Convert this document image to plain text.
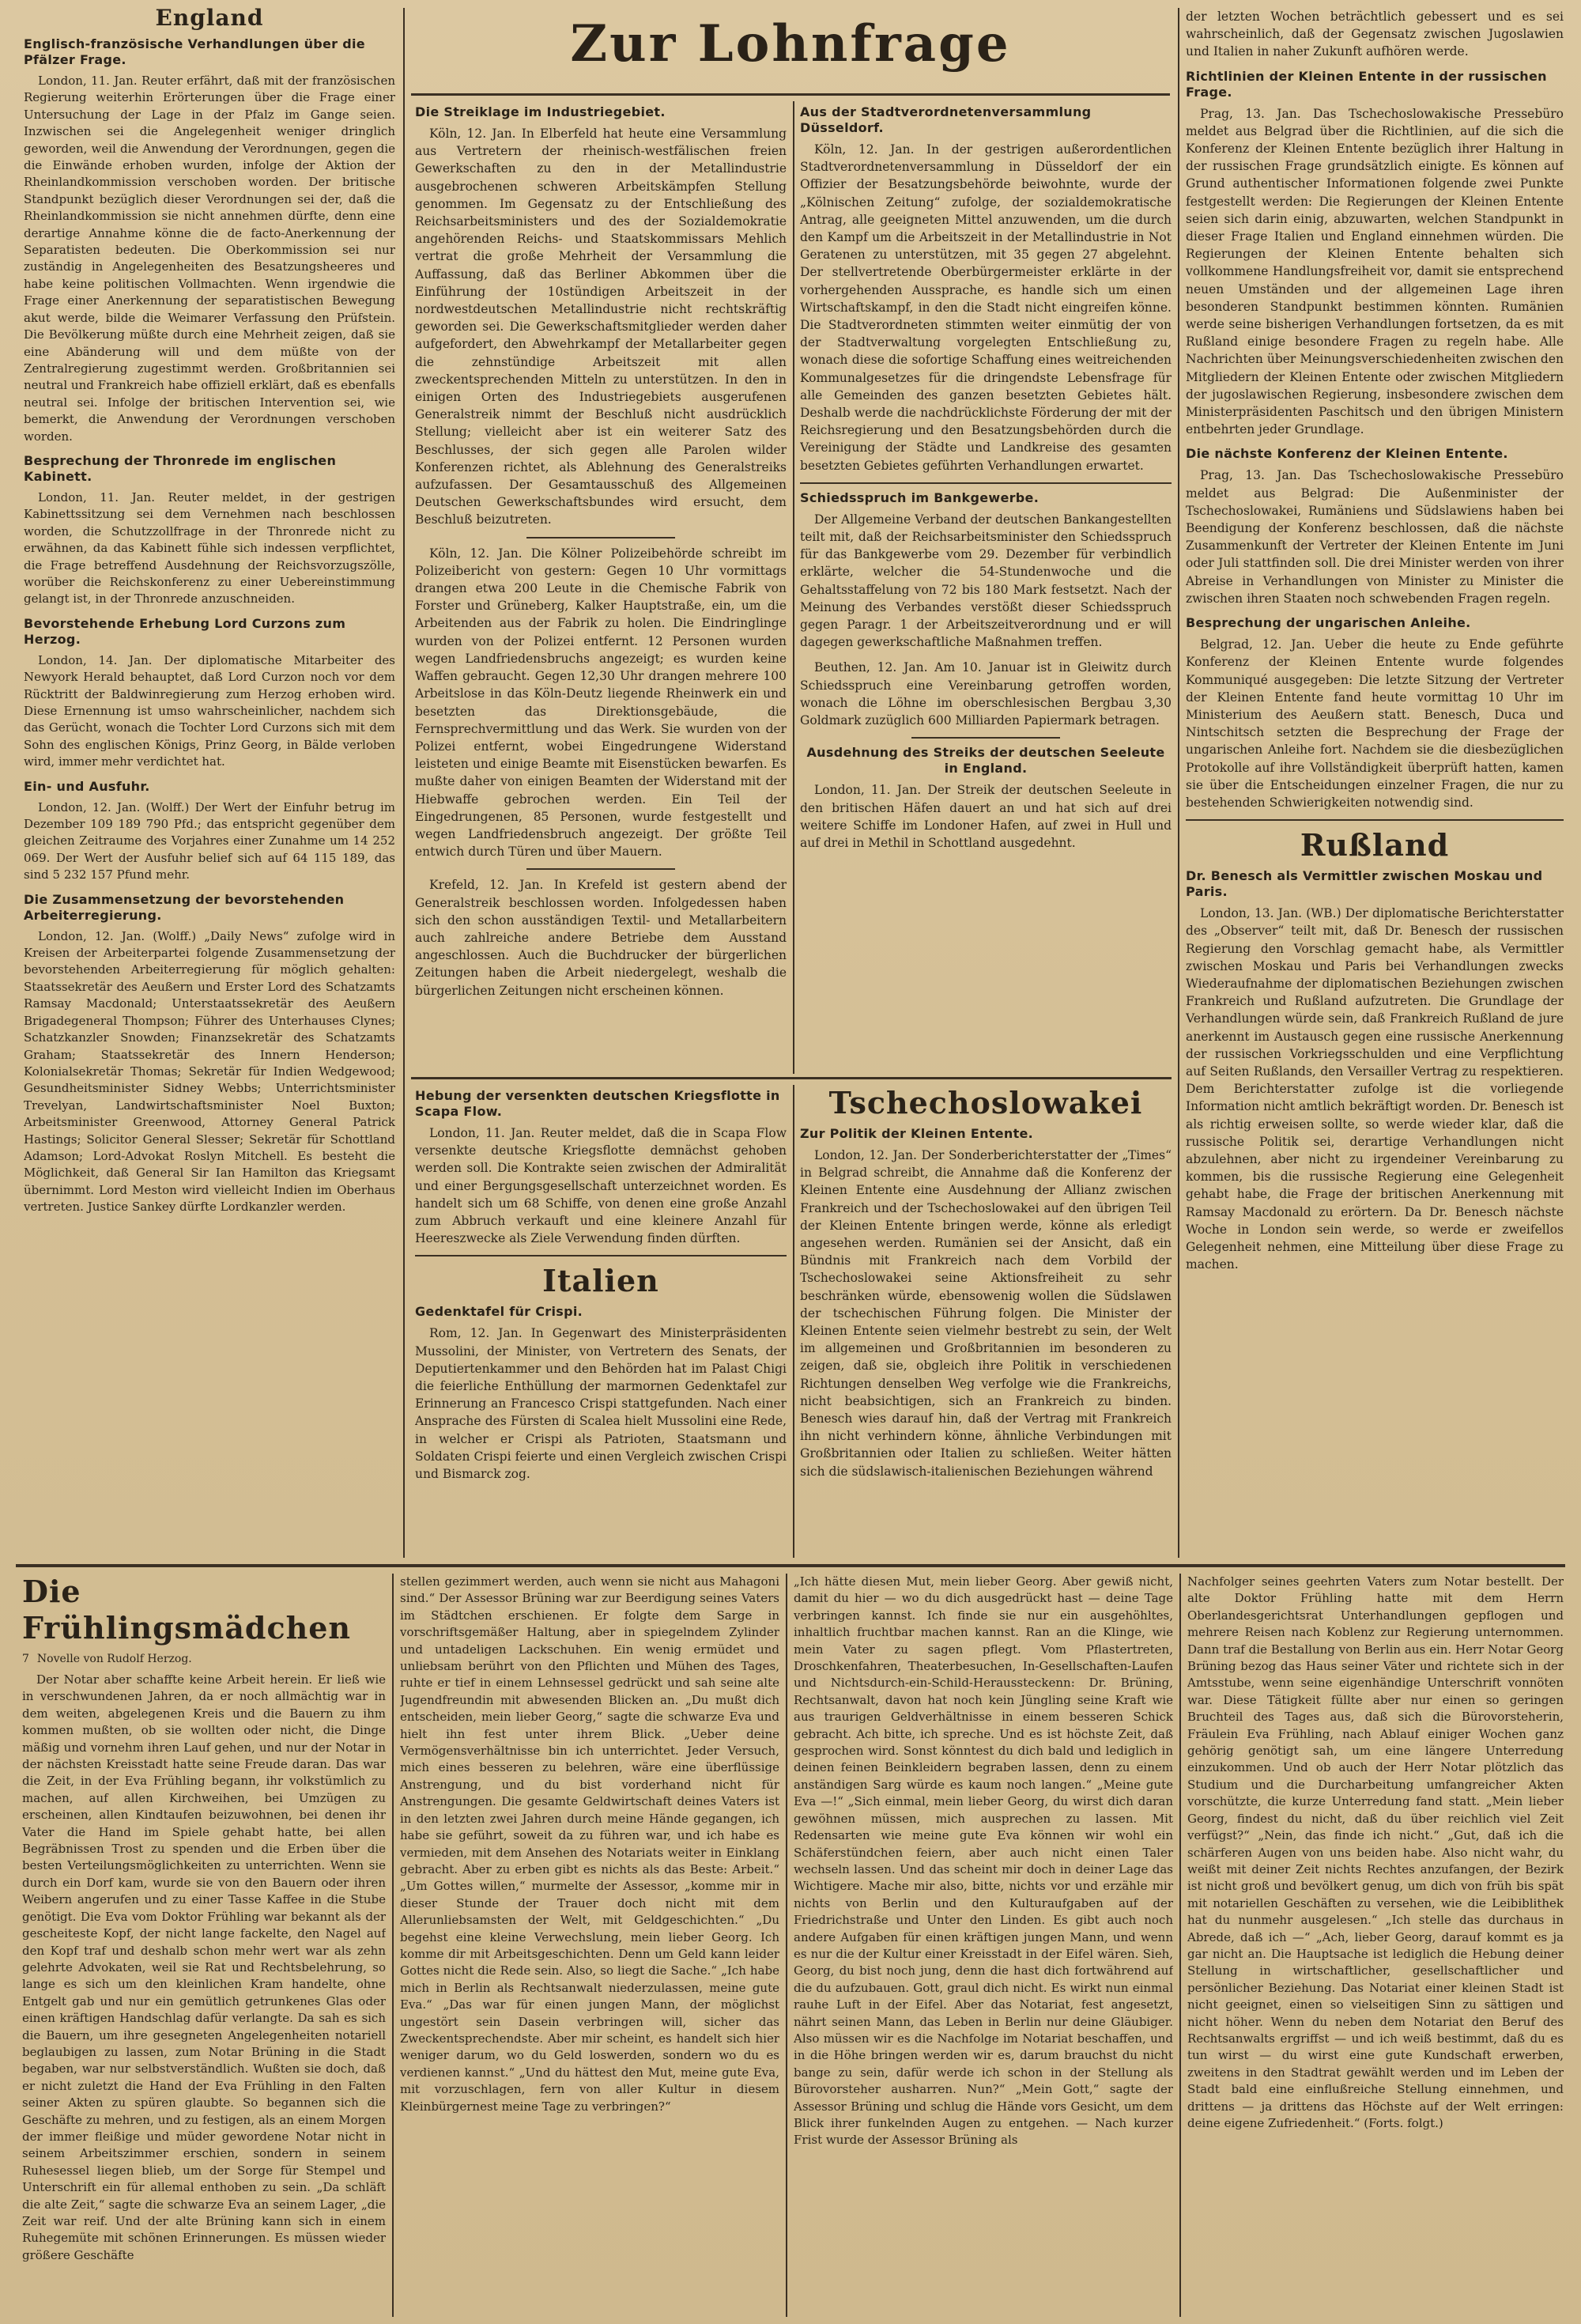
England
Englisch-französische Verhandlungen über die Pfälzer Frage.

London, 11. Jan. Reuter erfährt, daß mit der französischen Regierung weiterhin Erörterungen über die Frage einer Untersuchung der Lage in der Pfalz im Gange seien. Inzwischen sei die Angelegenheit weniger dringlich geworden, weil die Anwendung der Verordnungen, gegen die die Einwände erhoben wurden, infolge der Aktion der Rheinlandkommission verschoben worden. Der britische Standpunkt bezüglich dieser Verordnungen sei der, daß die Rheinlandkommission sie nicht annehmen dürfte, denn eine derartige Annahme könne die de facto-Anerkennung der Separatisten bedeuten. Die Oberkommission sei nur zuständig in Angelegenheiten des Besatzungsheeres und habe keine politischen Vollmachten. Wenn irgendwie die Frage einer Anerkennung der separatistischen Bewegung akut werde, bilde die Weimarer Verfassung den Prüfstein. Die Bevölkerung müßte durch eine Mehrheit zeigen, daß sie eine Abänderung will und dem müßte von der Zentralregierung zugestimmt werden. Großbritannien sei neutral und Frankreich habe offiziell erklärt, daß es ebenfalls neutral sei. Infolge der britischen Intervention sei, wie bemerkt, die Anwendung der Verordnungen verschoben worden.

Besprechung der Thronrede im englischen Kabinett.

London, 11. Jan. Reuter meldet, in der gestrigen Kabinettssitzung sei dem Vernehmen nach beschlossen worden, die Schutzzollfrage in der Thronrede nicht zu erwähnen, da das Kabinett fühle sich indessen verpflichtet, die Frage betreffend Ausdehnung der Reichsvorzugszölle, worüber die Reichskonferenz zu einer Uebereinstimmung gelangt ist, in der Thronrede anzuschneiden.

Bevorstehende Erhebung Lord Curzons zum Herzog.

London, 14. Jan. Der diplomatische Mitarbeiter des Newyork Herald behauptet, daß Lord Curzon noch vor dem Rücktritt der Baldwinregierung zum Herzog erhoben wird. Diese Ernennung ist umso wahrscheinlicher, nachdem sich das Gerücht, wonach die Tochter Lord Curzons sich mit dem Sohn des englischen Königs, Prinz Georg, in Bälde verloben wird, immer mehr verdichtet hat.

Ein- und Ausfuhr.

London, 12. Jan. (Wolff.) Der Wert der Einfuhr betrug im Dezember 109 189 790 Pfd.; das entspricht gegenüber dem gleichen Zeitraume des Vorjahres einer Zunahme um 14 252 069. Der Wert der Ausfuhr belief sich auf 64 115 189, das sind 5 232 157 Pfund mehr.

Die Zusammensetzung der bevorstehenden Arbeiterregierung.

London, 12. Jan. (Wolff.) „Daily News“ zufolge wird in Kreisen der Arbeiterpartei folgende Zusammensetzung der bevorstehenden Arbeiterregierung für möglich gehalten: Staatssekretär des Aeußern und Erster Lord des Schatzamts Ramsay Macdonald; Unterstaatssekretär des Aeußern Brigadegeneral Thompson; Führer des Unterhauses Clynes; Schatzkanzler Snowden; Finanzsekretär des Schatzamts Graham; Staatssekretär des Innern Henderson; Kolonialsekretär Thomas; Sekretär für Indien Wedgewood; Gesundheitsminister Sidney Webbs; Unterrichtsminister Trevelyan, Landwirtschaftsminister Noel Buxton; Arbeitsminister Greenwood, Attorney General Patrick Hastings; Solicitor General Slesser; Sekretär für Schottland Adamson; Lord-Advokat Roslyn Mitchell. Es besteht die Möglichkeit, daß General Sir Ian Hamilton das Kriegsamt übernimmt. Lord Meston wird vielleicht Indien im Oberhaus vertreten. Justice Sankey dürfte Lordkanzler werden.

Zur Lohnfrage
Die Streiklage im Industriegebiet.

Köln, 12. Jan. In Elberfeld hat heute eine Versammlung aus Vertretern der rheinisch-westfälischen freien Gewerkschaften zu den in der Metallindustrie ausgebrochenen schweren Arbeitskämpfen Stellung genommen. Im Gegensatz zu der Entschließung des Reichsarbeitsministers und des der Sozialdemokratie angehörenden Reichs- und Staatskommissars Mehlich vertrat die große Mehrheit der Versammlung die Auffassung, daß das Berliner Abkommen über die Einführung der 10stündigen Arbeitszeit in der nordwestdeutschen Metallindustrie nicht rechtskräftig geworden sei. Die Gewerkschaftsmitglieder werden daher aufgefordert, den Abwehrkampf der Metallarbeiter gegen die zehnstündige Arbeitszeit mit allen zweckentsprechenden Mitteln zu unterstützen. In den in einigen Orten des Industriegebiets ausgerufenen Generalstreik nimmt der Beschluß nicht ausdrücklich Stellung; vielleicht aber ist ein weiterer Satz des Beschlusses, der sich gegen alle Parolen wilder Konferenzen richtet, als Ablehnung des Generalstreiks aufzufassen. Der Gesamtausschuß des Allgemeinen Deutschen Gewerkschaftsbundes wird ersucht, dem Beschluß beizutreten.

Köln, 12. Jan. Die Kölner Polizeibehörde schreibt im Polizeibericht von gestern: Gegen 10 Uhr vormittags drangen etwa 200 Leute in die Chemische Fabrik von Forster und Grüneberg, Kalker Hauptstraße, ein, um die Arbeitenden aus der Fabrik zu holen. Die Eindringlinge wurden von der Polizei entfernt. 12 Personen wurden wegen Landfriedensbruchs angezeigt; es wurden keine Waffen gebraucht. Gegen 12,30 Uhr drangen mehrere 100 Arbeitslose in das Köln-Deutz liegende Rheinwerk ein und besetzten das Direktionsgebäude, die Fernsprechvermittlung und das Werk. Sie wurden von der Polizei entfernt, wobei Eingedrungene Widerstand leisteten und einige Beamte mit Eisenstücken bewarfen. Es mußte daher von einigen Beamten der Widerstand mit der Hiebwaffe gebrochen werden. Ein Teil der Eingedrungenen, 85 Personen, wurde festgestellt und wegen Landfriedensbruch angezeigt. Der größte Teil entwich durch Türen und über Mauern.

Krefeld, 12. Jan. In Krefeld ist gestern abend der Generalstreik beschlossen worden. Infolgedessen haben sich den schon ausständigen Textil- und Metallarbeitern auch zahlreiche andere Betriebe dem Ausstand angeschlossen. Auch die Buchdrucker der bürgerlichen Zeitungen haben die Arbeit niedergelegt, weshalb die bürgerlichen Zeitungen nicht erscheinen können.

Aus der Stadtverordnetenversammlung Düsseldorf.

Köln, 12. Jan. In der gestrigen außerordentlichen Stadtverordnetenversammlung in Düsseldorf der ein Offizier der Besatzungsbehörde beiwohnte, wurde der „Kölnischen Zeitung“ zufolge, der sozialdemokratische Antrag, alle geeigneten Mittel anzuwenden, um die durch den Kampf um die Arbeitszeit in der Metallindustrie in Not Geratenen zu unterstützen, mit 35 gegen 27 abgelehnt. Der stellvertretende Oberbürgermeister erklärte in der vorhergehenden Aussprache, es handle sich um einen Wirtschaftskampf, in den die Stadt nicht eingreifen könne. Die Stadtverordneten stimmten weiter einmütig der von der Stadtverwaltung vorgelegten Entschließung zu, wonach diese die sofortige Schaffung eines weitreichenden Kommunalgesetzes für die dringendste Lebensfrage für alle Gemeinden des ganzen besetzten Gebietes hält. Deshalb werde die nachdrücklichste Förderung der mit der Reichsregierung und den Besatzungsbehörden durch die Vereinigung der Städte und Landkreise des gesamten besetzten Gebietes geführten Verhandlungen erwartet.

Schiedsspruch im Bankgewerbe.

Der Allgemeine Verband der deutschen Bankangestellten teilt mit, daß der Reichsarbeitsminister den Schiedsspruch für das Bankgewerbe vom 29. Dezember für verbindlich erklärte, welcher die 54-Stundenwoche und die Gehaltsstaffelung von 72 bis 180 Mark festsetzt. Nach der Meinung des Verbandes verstößt dieser Schiedsspruch gegen Paragr. 1 der Arbeitszeitverordnung und er will dagegen gewerkschaftliche Maßnahmen treffen.

Beuthen, 12. Jan. Am 10. Januar ist in Gleiwitz durch Schiedsspruch eine Vereinbarung getroffen worden, wonach die Löhne im oberschlesischen Bergbau 3,30 Goldmark zuzüglich 600 Milliarden Papiermark betragen.

Ausdehnung des Streiks der deutschen Seeleute in England.

London, 11. Jan. Der Streik der deutschen Seeleute in den britischen Häfen dauert an und hat sich auf drei weitere Schiffe im Londoner Hafen, auf zwei in Hull und auf drei in Methil in Schottland ausgedehnt.

der letzten Wochen beträchtlich gebessert und es sei wahrscheinlich, daß der Gegensatz zwischen Jugoslawien und Italien in naher Zukunft aufhören werde.

Richtlinien der Kleinen Entente in der russischen Frage.

Prag, 13. Jan. Das Tschechoslowakische Pressebüro meldet aus Belgrad über die Richtlinien, auf die sich die Konferenz der Kleinen Entente bezüglich ihrer Haltung in der russischen Frage grundsätzlich einigte. Es können auf Grund authentischer Informationen folgende zwei Punkte festgestellt werden: Die Regierungen der Kleinen Entente seien sich darin einig, abzuwarten, welchen Standpunkt in dieser Frage Italien und England einnehmen würden. Die Regierungen der Kleinen Entente behalten sich vollkommene Handlungsfreiheit vor, damit sie entsprechend neuen Umständen und der allgemeinen Lage ihren besonderen Standpunkt bestimmen könnten. Rumänien werde seine bisherigen Verhandlungen fortsetzen, da es mit Rußland einige besondere Fragen zu regeln habe. Alle Nachrichten über Meinungsverschiedenheiten zwischen den Mitgliedern der Kleinen Entente oder zwischen Mitgliedern der jugoslawischen Regierung, insbesondere zwischen dem Ministerpräsidenten Paschitsch und den übrigen Ministern entbehrten jeder Grundlage.

Die nächste Konferenz der Kleinen Entente.

Prag, 13. Jan. Das Tschechoslowakische Pressebüro meldet aus Belgrad: Die Außenminister der Tschechoslowakei, Rumäniens und Südslawiens haben bei Beendigung der Konferenz beschlossen, daß die nächste Zusammenkunft der Vertreter der Kleinen Entente im Juni oder Juli stattfinden soll. Die drei Minister werden von ihrer Abreise in Verhandlungen von Minister zu Minister die zwischen ihren Staaten noch schwebenden Fragen regeln.

Besprechung der ungarischen Anleihe.

Belgrad, 12. Jan. Ueber die heute zu Ende geführte Konferenz der Kleinen Entente wurde folgendes Kommuniqué ausgegeben: Die letzte Sitzung der Vertreter der Kleinen Entente fand heute vormittag 10 Uhr im Ministerium des Aeußern statt. Benesch, Duca und Nintschitsch setzten die Besprechung der Frage der ungarischen Anleihe fort. Nachdem sie die diesbezüglichen Protokolle auf ihre Vollständigkeit überprüft hatten, kamen sie über die Entscheidungen einzelner Fragen, die nur zu bestehenden Schwierigkeiten notwendig sind.

Rußland
Dr. Benesch als Vermittler zwischen Moskau und Paris.

London, 13. Jan. (WB.) Der diplomatische Berichterstatter des „Observer“ teilt mit, daß Dr. Benesch der russischen Regierung den Vorschlag gemacht habe, als Vermittler zwischen Moskau und Paris bei Verhandlungen zwecks Wiederaufnahme der diplomatischen Beziehungen zwischen Frankreich und Rußland aufzutreten. Die Grundlage der Verhandlungen würde sein, daß Frankreich Rußland de jure anerkennt im Austausch gegen eine russische Anerkennung der russischen Vorkriegsschulden und eine Verpflichtung auf Seiten Rußlands, den Versailler Vertrag zu respektieren. Dem Berichterstatter zufolge ist die vorliegende Information nicht amtlich bekräftigt worden. Dr. Benesch ist als richtig erweisen sollte, so werde wieder klar, daß die russische Politik sei, derartige Verhandlungen nicht abzulehnen, aber nicht zu irgendeiner Vereinbarung zu kommen, bis die russische Regierung eine Gelegenheit gehabt habe, die Frage der britischen Anerkennung mit Ramsay Macdonald zu erörtern. Da Dr. Benesch nächste Woche in London sein werde, so werde er zweifellos Gelegenheit nehmen, eine Mitteilung über diese Frage zu machen.

Hebung der versenkten deutschen Kriegsflotte in Scapa Flow.

London, 11. Jan. Reuter meldet, daß die in Scapa Flow versenkte deutsche Kriegsflotte demnächst gehoben werden soll. Die Kontrakte seien zwischen der Admiralität und einer Bergungsgesellschaft unterzeichnet worden. Es handelt sich um 68 Schiffe, von denen eine große Anzahl zum Abbruch verkauft und eine kleinere Anzahl für Heereszwecke als Ziele Verwendung finden dürften.

Italien
Gedenktafel für Crispi.

Rom, 12. Jan. In Gegenwart des Ministerpräsidenten Mussolini, der Minister, von Vertretern des Senats, der Deputiertenkammer und den Behörden hat im Palast Chigi die feierliche Enthüllung der marmornen Gedenktafel zur Erinnerung an Francesco Crispi stattgefunden. Nach einer Ansprache des Fürsten di Scalea hielt Mussolini eine Rede, in welcher er Crispi als Patrioten, Staatsmann und Soldaten Crispi feierte und einen Vergleich zwischen Crispi und Bismarck zog.

Tschechoslowakei
Zur Politik der Kleinen Entente.

London, 12. Jan. Der Sonderberichterstatter der „Times“ in Belgrad schreibt, die Annahme daß die Konferenz der Kleinen Entente eine Ausdehnung der Allianz zwischen Frankreich und der Tschechoslowakei auf den übrigen Teil der Kleinen Entente bringen werde, könne als erledigt angesehen werden. Rumänien sei der Ansicht, daß ein Bündnis mit Frankreich nach dem Vorbild der Tschechoslowakei seine Aktionsfreiheit zu sehr beschränken würde, ebensowenig wollen die Südslawen der tschechischen Führung folgen. Die Minister der Kleinen Entente seien vielmehr bestrebt zu sein, der Welt im allgemeinen und Großbritannien im besonderen zu zeigen, daß sie, obgleich ihre Politik in verschiedenen Richtungen denselben Weg verfolge wie die Frankreichs, nicht beabsichtigen, sich an Frankreich zu binden. Benesch wies darauf hin, daß der Vertrag mit Frankreich ihn nicht verhindern könne, ähnliche Verbindungen mit Großbritannien oder Italien zu schließen. Weiter hätten sich die südslawisch-italienischen Beziehungen während

Die Frühlingsmädchen
7 Novelle von Rudolf Herzog.

Der Notar aber schaffte keine Arbeit herein. Er ließ wie in verschwundenen Jahren, da er noch allmächtig war in dem weiten, abgelegenen Kreis und die Bauern zu ihm kommen mußten, ob sie wollten oder nicht, die Dinge mäßig und vornehm ihren Lauf gehen, und nur der Notar in der nächsten Kreisstadt hatte seine Freude daran. Das war die Zeit, in der Eva Frühling begann, ihr volkstümlich zu machen, auf allen Kirchweihen, bei Umzügen zu erscheinen, allen Kindtaufen beizuwohnen, bei denen ihr Vater die Hand im Spiele gehabt hatte, bei allen Begräbnissen Trost zu spenden und die Erben über die besten Verteilungsmöglichkeiten zu unterrichten. Wenn sie durch ein Dorf kam, wurde sie von den Bauern oder ihren Weibern angerufen und zu einer Tasse Kaffee in die Stube genötigt. Die Eva vom Doktor Frühling war bekannt als der gescheiteste Kopf, der nicht lange fackelte, den Nagel auf den Kopf traf und deshalb schon mehr wert war als zehn gelehrte Advokaten, weil sie Rat und Rechtsbelehrung, so lange es sich um den kleinlichen Kram handelte, ohne Entgelt gab und nur ein gemütlich getrunkenes Glas oder einen kräftigen Handschlag dafür verlangte. Da sah es sich die Bauern, um ihre gesegneten Angelegenheiten notariell beglaubigen zu lassen, zum Notar Brüning in die Stadt begaben, war nur selbstverständlich. Wußten sie doch, daß er nicht zuletzt die Hand der Eva Frühling in den Falten seiner Akten zu spüren glaubte. So begannen sich die Geschäfte zu mehren, und zu festigen, als an einem Morgen der immer fleißige und müder gewordene Notar nicht in seinem Arbeitszimmer erschien, sondern in seinem Ruhesessel liegen blieb, um der Sorge für Stempel und Unterschrift ein für allemal enthoben zu sein. „Da schläft die alte Zeit,“ sagte die schwarze Eva an seinem Lager, „die Zeit war reif. Und der alte Brüning kann sich in einem Ruhegemüte mit schönen Erinnerungen. Es müssen wieder größere Geschäfte

stellen gezimmert werden, auch wenn sie nicht aus Mahagoni sind.“ Der Assessor Brüning war zur Beerdigung seines Vaters im Städtchen erschienen. Er folgte dem Sarge in vorschriftsgemäßer Haltung, aber in spiegelndem Zylinder und untadeligen Lackschuhen. Ein wenig ermüdet und unliebsam berührt von den Pflichten und Mühen des Tages, ruhte er tief in einem Lehnsessel gedrückt und sah seine alte Jugendfreundin mit abwesenden Blicken an. „Du mußt dich entscheiden, mein lieber Georg,“ sagte die schwarze Eva und hielt ihn fest unter ihrem Blick. „Ueber deine Vermögensverhältnisse bin ich unterrichtet. Jeder Versuch, mich eines besseren zu belehren, wäre eine überflüssige Anstrengung, und du bist vorderhand nicht für Anstrengungen. Die gesamte Geldwirtschaft deines Vaters ist in den letzten zwei Jahren durch meine Hände gegangen, ich habe sie geführt, soweit da zu führen war, und ich habe es vermieden, mit dem Ansehen des Notariats weiter in Einklang gebracht. Aber zu erben gibt es nichts als das Beste: Arbeit.“ „Um Gottes willen,“ murmelte der Assessor, „komme mir in dieser Stunde der Trauer doch nicht mit dem Allerunliebsamsten der Welt, mit Geldgeschichten.“ „Du begehst eine kleine Verwechslung, mein lieber Georg. Ich komme dir mit Arbeitsgeschichten. Denn um Geld kann leider Gottes nicht die Rede sein. Also, so liegt die Sache.“ „Ich habe mich in Berlin als Rechtsanwalt niederzulassen, meine gute Eva.“ „Das war für einen jungen Mann, der möglichst ungestört sein Dasein verbringen will, sicher das Zweckentsprechendste. Aber mir scheint, es handelt sich hier weniger darum, wo du Geld loswerden, sondern wo du es verdienen kannst.“ „Und du hättest den Mut, meine gute Eva, mit vorzuschlagen, fern von aller Kultur in diesem Kleinbürgernest meine Tage zu verbringen?“

„Ich hätte diesen Mut, mein lieber Georg. Aber gewiß nicht, damit du hier — wo du dich ausgedrückt hast — deine Tage verbringen kannst. Ich finde sie nur ein ausgehöhltes, inhaltlich fruchtbar machen kannst. Ran an die Klinge, wie mein Vater zu sagen pflegt. Vom Pflastertreten, Droschkenfahren, Theaterbesuchen, In-Gesellschaften-Laufen und Nichtsdurch-ein-Schild-Heraussteckenn: Dr. Brüning, Rechtsanwalt, davon hat noch kein Jüngling seine Kraft wie aus traurigen Geldverhältnisse in einem besseren Schick gebracht. Ach bitte, ich spreche. Und es ist höchste Zeit, daß gesprochen wird. Sonst könntest du dich bald und lediglich in deinen feinen Beinkleidern begraben lassen, denn zu einem anständigen Sarg würde es kaum noch langen.“ „Meine gute Eva —!“ „Sich einmal, mein lieber Georg, du wirst dich daran gewöhnen müssen, mich ausprechen zu lassen. Mit Redensarten wie meine gute Eva können wir wohl ein Schäferstündchen feiern, aber auch nicht einen Taler wechseln lassen. Und das scheint mir doch in deiner Lage das Wichtigere. Mache mir also, bitte, nichts vor und erzähle mir nichts von Berlin und den Kulturaufgaben auf der Friedrichstraße und Unter den Linden. Es gibt auch noch andere Aufgaben für einen kräftigen jungen Mann, und wenn es nur die der Kultur einer Kreisstadt in der Eifel wären. Sieh, Georg, du bist noch jung, denn die hast dich fortwährend auf die du aufzubauen. Gott, graul dich nicht. Es wirkt nun einmal rauhe Luft in der Eifel. Aber das Notariat, fest angesetzt, nährt seinen Mann, das Leben in Berlin nur deine Gläubiger. Also müssen wir es die Nachfolge im Notariat beschaffen, und in die Höhe bringen werden wir es, darum brauchst du nicht bange zu sein, dafür werde ich schon in der Stellung als Bürovorsteher ausharren. Nun?“ „Mein Gott,“ sagte der Assessor Brüning und schlug die Hände vors Gesicht, um dem Blick ihrer funkelnden Augen zu entgehen. — Nach kurzer Frist wurde der Assessor Brüning als

Nachfolger seines geehrten Vaters zum Notar bestellt. Der alte Doktor Frühling hatte mit dem Herrn Oberlandesgerichtsrat Unterhandlungen gepflogen und mehrere Reisen nach Koblenz zur Regierung unternommen. Dann traf die Bestallung von Berlin aus ein. Herr Notar Georg Brüning bezog das Haus seiner Väter und richtete sich in der Amtsstube, wenn seine eigenhändige Unterschrift vonnöten war. Diese Tätigkeit füllte aber nur einen so geringen Bruchteil des Tages aus, daß sich die Bürovorsteherin, Fräulein Eva Frühling, nach Ablauf einiger Wochen ganz gehörig genötigt sah, um eine längere Unterredung einzukommen. Und ob auch der Herr Notar plötzlich das Studium und die Durcharbeitung umfangreicher Akten vorschützte, die kurze Unterredung fand statt. „Mein lieber Georg, findest du nicht, daß du über reichlich viel Zeit verfügst?“ „Nein, das finde ich nicht.“ „Gut, daß ich die schärferen Augen von uns beiden habe. Also nicht wahr, du weißt mit deiner Zeit nichts Rechtes anzufangen, der Bezirk ist nicht groß und bevölkert genug, um dich von früh bis spät mit notariellen Geschäften zu versehen, wie die Leibiblithek hat du nunmehr ausgelesen.“ „Ich stelle das durchaus in Abrede, daß ich —“ „Ach, lieber Georg, darauf kommt es ja gar nicht an. Die Hauptsache ist lediglich die Hebung deiner Stellung in wirtschaftlicher, gesellschaftlicher und persönlicher Beziehung. Das Notariat einer kleinen Stadt ist nicht geeignet, einen so vielseitigen Sinn zu sättigen und nicht höher. Wenn du neben dem Notariat den Beruf des Rechtsanwalts ergriffst — und ich weiß bestimmt, daß du es tun wirst — du wirst eine gute Kundschaft erwerben, zweitens in den Stadtrat gewählt werden und im Leben der Stadt bald eine einflußreiche Stellung einnehmen, und drittens — ja drittens das Höchste auf der Welt erringen: deine eigene Zufriedenheit.“ (Forts. folgt.)
